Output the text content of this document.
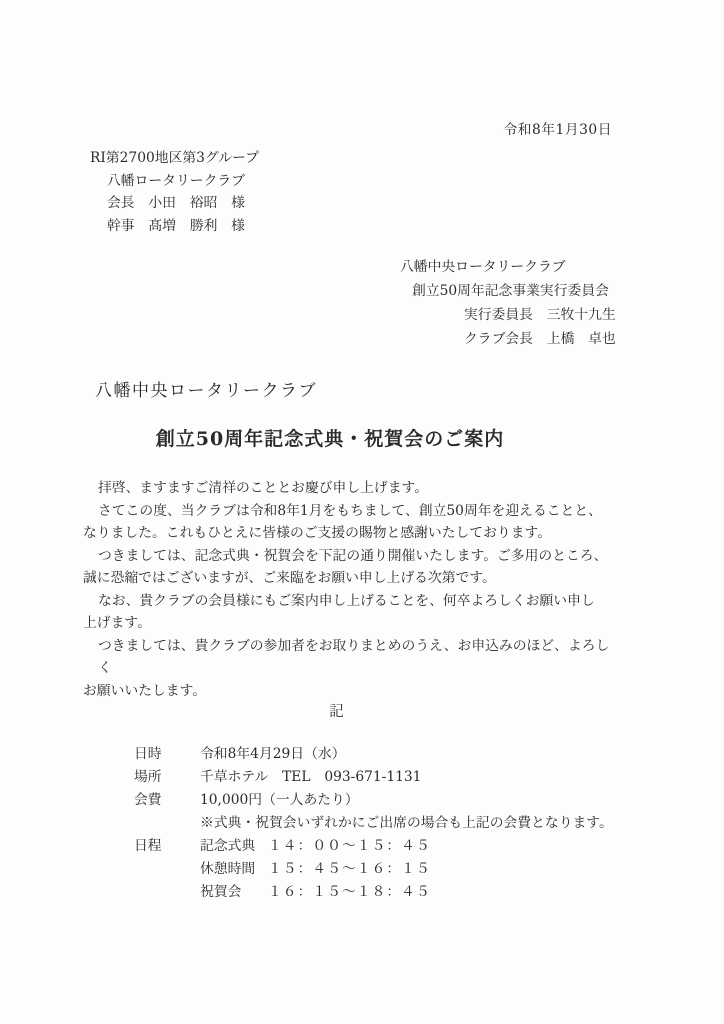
令和8年1月30日
RI第2700地区第3グループ
八幡ロータリークラブ
会長　小田　裕昭　様
幹事　髙増　勝利　様
八幡中央ロータリークラブ
創立50周年記念事業実行委員会
実行委員長　三牧十九生
クラブ会長　上橋　卓也
八幡中央ロータリークラブ
創立50周年記念式典・祝賀会のご案内
拝啓、ますますご清祥のこととお慶び申し上げます。
さてこの度、当クラブは令和8年1月をもちまして、創立50周年を迎えることと、
なりました。これもひとえに皆様のご支援の賜物と感謝いたしております。
つきましては、記念式典・祝賀会を下記の通り開催いたします。ご多用のところ、
誠に恐縮ではございますが、ご来臨をお願い申し上げる次第です。
なお、貴クラブの会員様にもご案内申し上げることを、何卒よろしくお願い申し
上げます。
つきましては、貴クラブの参加者をお取りまとめのうえ、お申込みのほど、よろしく
お願いいたします。
記
日時	令和8年4月29日（水）
場所	千草ホテル　TEL　093-671-1131
会費	10,000円（一人あたり）
※式典・祝賀会いずれかにご出席の場合も上記の会費となります。
日程	記念式典 １４：００～１５：４５
休憩時間 １５：４５～１６：１５
祝賀会	１６：１５～１８：４５
